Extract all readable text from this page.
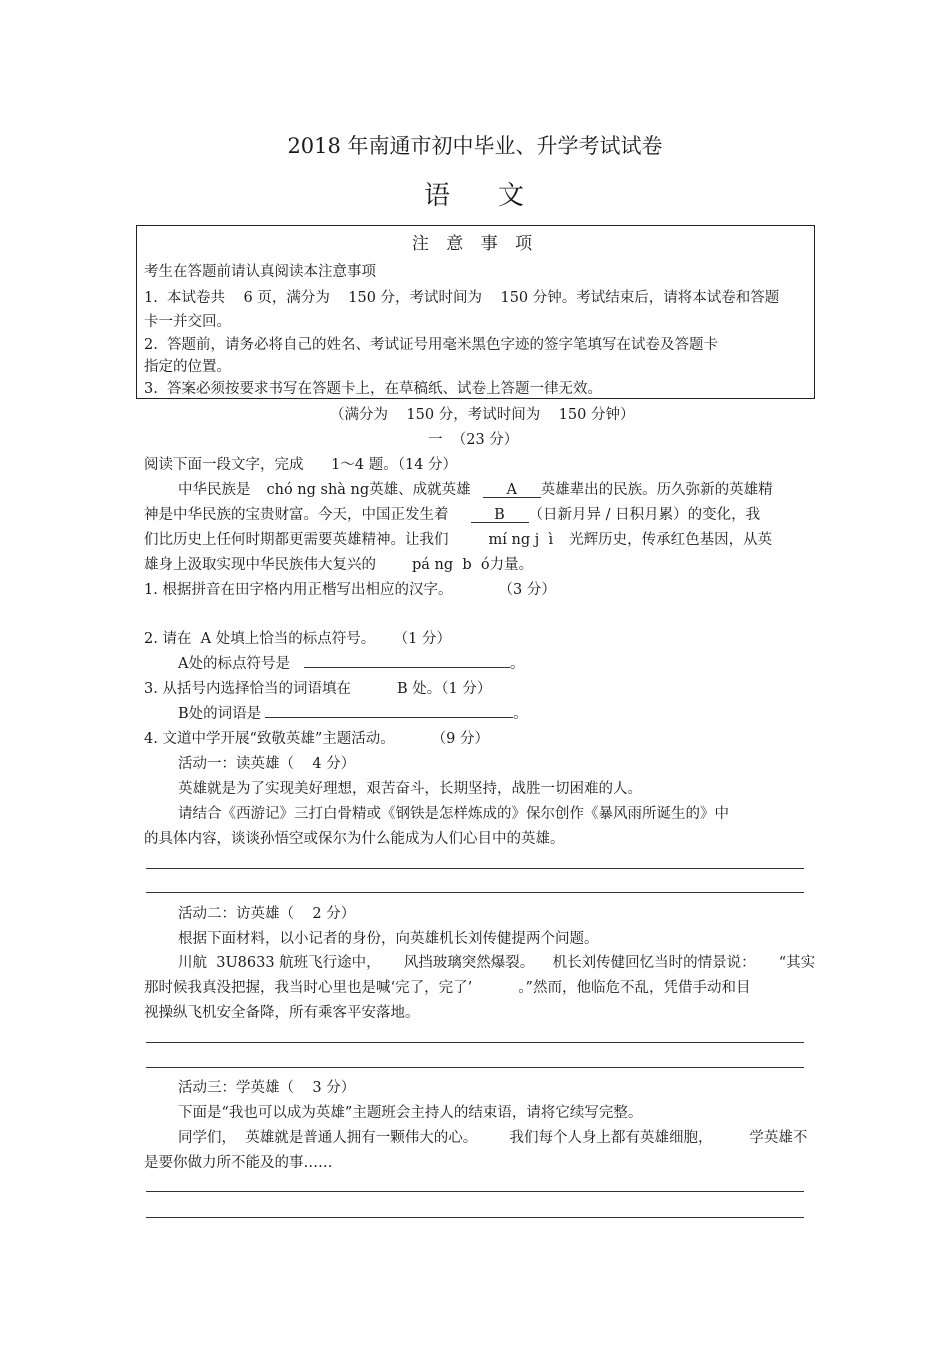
2018 年南通市初中毕业、升学考试试卷
语 文
注 意 事 项
考生在答题前请认真阅读本注意事项
1.  本试卷共    6 页，满分为    150 分，考试时间为    150 分钟。考试结束后，请将本试卷和答题
卡一并交回。
2.  答题前，请务必将自己的姓名、考试证号用毫米黑色字迹的签字笔填写在试卷及答题卡
指定的位置。
3.  答案必须按要求书写在答题卡上，在草稿纸、试卷上答题一律无效。
（满分为    150 分，考试时间为    150 分钟）
一  （23 分）
阅读下面一段文字，完成      1～4 题。（14 分）
中华民族是 chó ng shà ng英雄、成就英雄 A 英雄辈出的民族。历久弥新的英雄精
神是中华民族的宝贵财富。今天，中国正发生着	B （日新月异 / 日积月累）的变化，我
们比历史上任何时期都更需要英雄精神。让我们	mí ng j  ì 光辉历史，传承红色基因，从英
雄身上汲取实现中华民族伟大复兴的 pá ng  b  ó力量。
1. 根据拼音在田字格内用正楷写出相应的汉字。          （3 分）
2. 请在  A 处填上恰当的标点符号。    （1 分）
A处的标点符号是	。
3. 从括号内选择恰当的词语填在          B 处。（1 分）
B处的词语是	。
4. 文道中学开展“致敬英雄”主题活动。        （9 分）
活动一：读英雄（    4 分）
英雄就是为了实现美好理想，艰苦奋斗，长期坚持，战胜一切困难的人。
请结合《西游记》三打白骨精或《钢铁是怎样炼成的》保尔创作《暴风雨所诞生的》中
的具体内容，谈谈孙悟空或保尔为什么能成为人们心目中的英雄。
活动二：访英雄（    2 分）
根据下面材料，以小记者的身份，向英雄机长刘传健提两个问题。
川航  3U8633 航班飞行途中，     风挡玻璃突然爆裂。    机长刘传健回忆当时的情景说：     “其实
那时候我真没把握，我当时心里也是喊‘完了，完了’          。”然而，他临危不乱，凭借手动和目
视操纵飞机安全备降，所有乘客平安落地。
活动三：学英雄（    3 分）
下面是“我也可以成为英雄”主题班会主持人的结束语，请将它续写完整。
同学们，  英雄就是普通人拥有一颗伟大的心。       我们每个人身上都有英雄细胞，        学英雄不
是要你做力所不能及的事……
